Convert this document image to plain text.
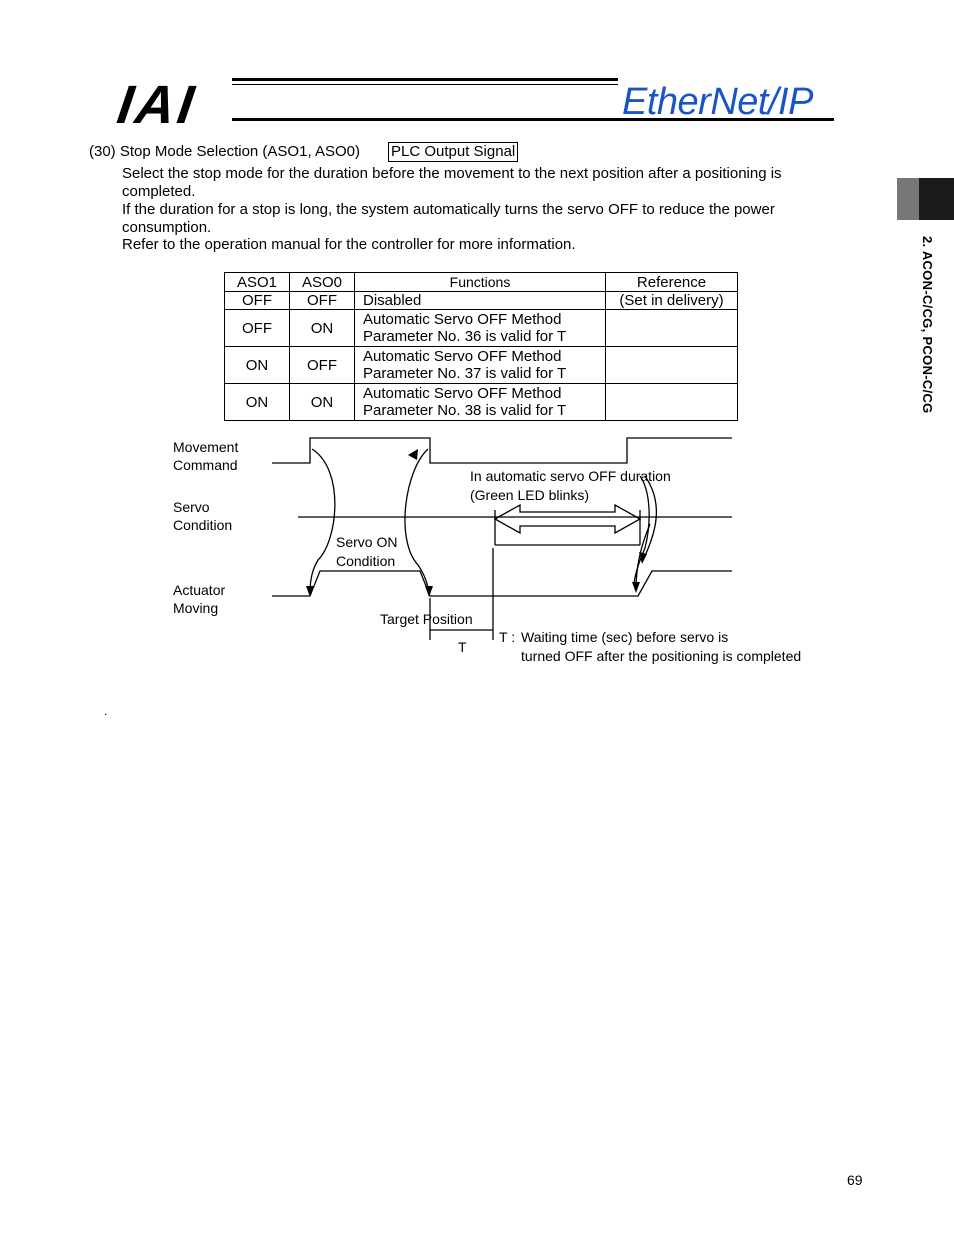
IAI	EtherNet/IP
2. ACON-C/CG, PCON-C/CG
(30) Stop Mode Selection (ASO1, ASO0) PLC Output Signal
Select the stop mode for the duration before the movement to the next position after a positioning is completed.
If the duration for a stop is long, the system automatically turns the servo OFF to reduce the power consumption.
Refer to the operation manual for the controller for more information.
ASO1	ASO0	Functions	Reference
OFF	OFF	Disabled	(Set in delivery)
OFF	ON	Automatic Servo OFF Method
Parameter No. 36 is valid for T	

ON	OFF	Automatic Servo OFF Method
Parameter No. 37 is valid for T	

ON	ON	Automatic Servo OFF Method
Parameter No. 38 is valid for T	

Movement
Command
Servo
Condition
Actuator
Moving
In automatic servo OFF duration
(Green LED blinks)
Servo ON
Condition
Target Position
T
T : Waiting time (sec) before servo is
turned OFF after the positioning is completed
.
69
